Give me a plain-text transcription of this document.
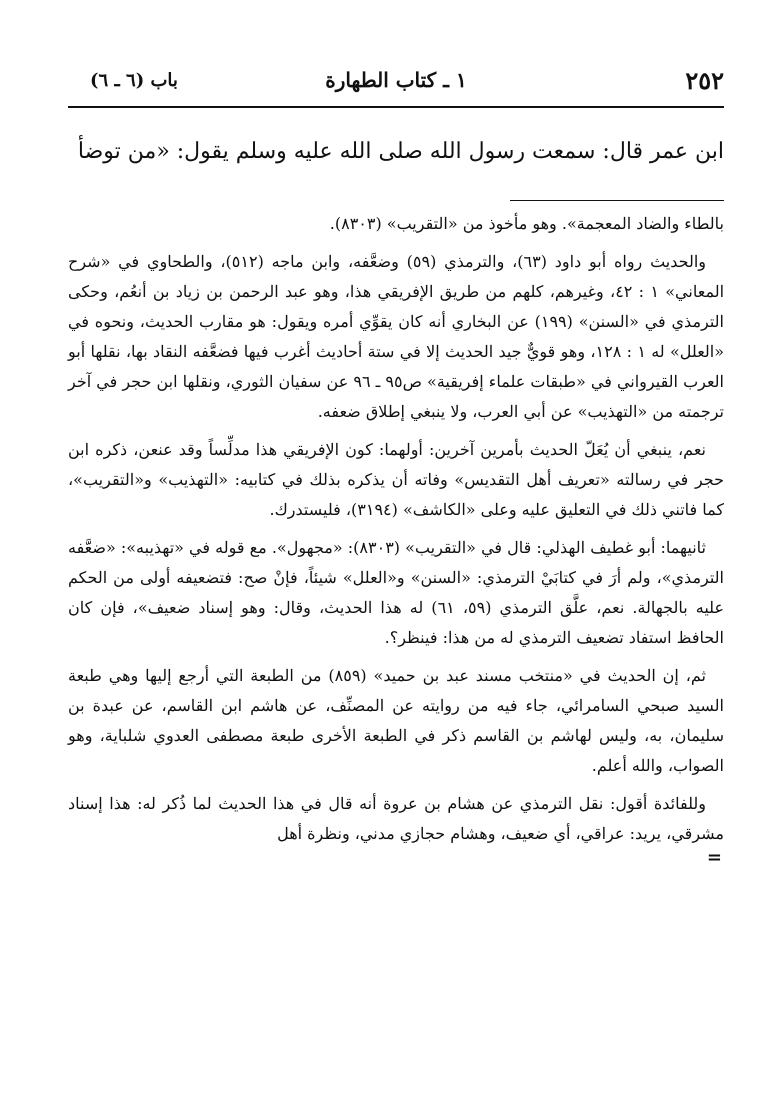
٢٥٢
١ ـ كتاب الطهارة
باب (٦ ـ ٦)

ابن عمر قال: سمعت رسول الله صلى الله عليه وسلم يقول: «من توضأ

بالطاء والضاد المعجمة». وهو مأخوذ من «التقريب» (٨٣٠٣).

والحديث رواه أبو داود (٦٣)، والترمذي (٥٩) وضعَّفه، وابن ماجه (٥١٢)، والطحاوي في «شرح المعاني» ١ : ٤٢، وغيرهم، كلهم من طريق الإفريقي هذا، وهو عبد الرحمن بن زياد بن أنعُم، وحكى الترمذي في «السنن» (١٩٩) عن البخاري أنه كان يقوِّي أمره ويقول: هو مقارب الحديث، ونحوه في «العلل» له ١ : ١٢٨، وهو قويٌّ جيد الحديث إلا في ستة أحاديث أغرب فيها فضعَّفه النقاد بها، نقلها أبو العرب القيرواني في «طبقات علماء إفريقية» ص٩٥ ـ ٩٦ عن سفيان الثوري، ونقلها ابن حجر في آخر ترجمته من «التهذيب» عن أبي العرب، ولا ينبغي إطلاق ضعفه.

نعم، ينبغي أن يُعَلّ الحديث بأمرين آخرين: أولهما: كون الإفريقي هذا مدلِّساً وقد عنعن، ذكره ابن حجر في رسالته «تعريف أهل التقديس» وفاته أن يذكره بذلك في كتابيه: «التهذيب» و«التقريب»، كما فاتني ذلك في التعليق عليه وعلى «الكاشف» (٣١٩٤)، فليستدرك.

ثانيهما: أبو غطيف الهذلي: قال في «التقريب» (٨٣٠٣): «مجهول». مع قوله في «تهذيبه»: «ضعَّفه الترمذي»، ولم أرَ في كتابَيْ الترمذي: «السنن» و«العلل» شيئاً، فإنْ صح: فتضعيفه أولى من الحكم عليه بالجهالة. نعم، علَّق الترمذي (٥٩، ٦١) له هذا الحديث، وقال: وهو إسناد ضعيف»، فإن كان الحافظ استفاد تضعيف الترمذي له من هذا: فينظر؟.

ثم، إن الحديث في «منتخب مسند عبد بن حميد» (٨٥٩) من الطبعة التي أرجع إليها وهي طبعة السيد صبحي السامرائي، جاء فيه من روايته عن المصنِّف، عن هاشم ابن القاسم، عن عبدة بن سليمان، به، وليس لهاشم بن القاسم ذكر في الطبعة الأخرى طبعة مصطفى العدوي شلباية، وهو الصواب، والله أعلم.

وللفائدة أقول: نقل الترمذي عن هشام بن عروة أنه قال في هذا الحديث لما ذُكر له: هذا إسناد مشرقي، يريد: عراقي، أي ضعيف، وهشام حجازي مدني، ونظرة أهل

=
